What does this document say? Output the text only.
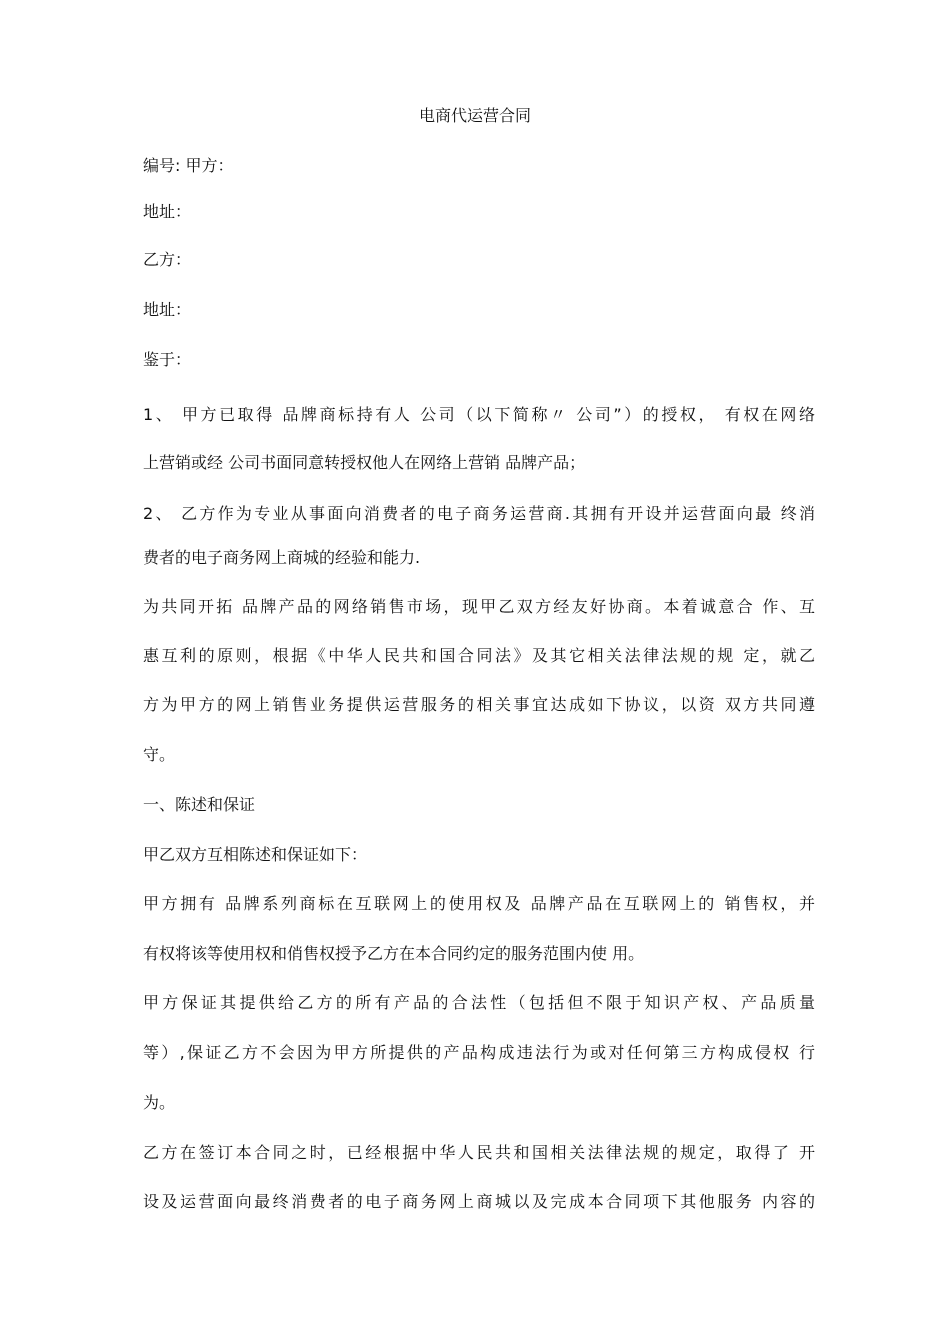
电商代运营合同
编号: 甲方：
地址：
乙方：
地址：
鉴于：
1、 甲方已取得 品牌商标持有人 公司（以下简称〃 公司”）的授权， 有权在网络
上营销或经 公司书面同意转授权他人在网络上营销 品牌产品；
2、 乙方作为专业从事面向消费者的电子商务运营商.其拥有开设并运营面向最 终消
费者的电子商务网上商城的经验和能力.
为共同开拓 品牌产品的网络销售市场，现甲乙双方经友好协商。本着诚意合 作、互
惠互利的原则，根据《中华人民共和国合同法》及其它相关法律法规的规 定，就乙
方为甲方的网上销售业务提供运营服务的相关事宜达成如下协议，以资 双方共同遵
守。
一、陈述和保证
甲乙双方互相陈述和保证如下：
甲方拥有 品牌系列商标在互联网上的使用权及 品牌产品在互联网上的 销售权，并
有权将该等使用权和俏售权授予乙方在本合同约定的服务范围内使 用。
甲方保证其提供给乙方的所有产品的合法性（包括但不限于知识产权、产品质量
等）,保证乙方不会因为甲方所提供的产品构成违法行为或对任何第三方构成侵权 行
为。
乙方在签订本合同之时，已经根据中华人民共和国相关法律法规的规定，取得了 开
设及运营面向最终消费者的电子商务网上商城以及完成本合同项下其他服务 内容的
